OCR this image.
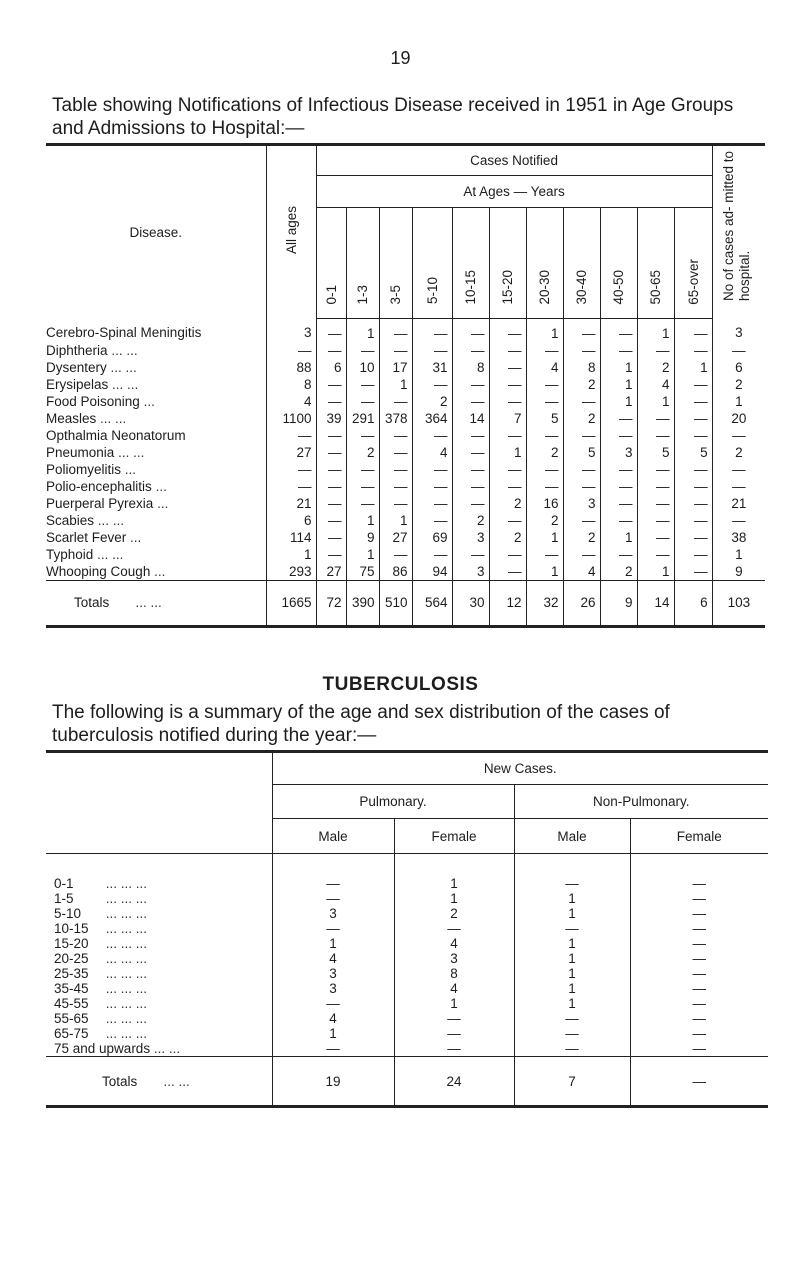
19
Table showing Notifications of Infectious Disease received in 1951 in Age Groups and Admissions to Hospital:—
Disease.	All ages	Cases Notified											No of cases ad- mitted to hospital.
		At Ages — Years											
		0-1	1-3	3-5	5-10	10-15	15-20	20-30	30-40	40-50	50-65	65-over	
Cerebro-Spinal Meningitis	3	—	1	—	—	—	—	1	—	—	1	—	3
Diphtheria ... ...	—	—	—	—	—	—	—	—	—	—	—	—	—
Dysentery ... ...	88	6	10	17	31	8	—	4	8	1	2	1	6
Erysipelas ... ...	8	—	—	1	—	—	—	—	2	1	4	—	2
Food Poisoning ...	4	—	—	—	2	—	—	—	—	1	1	—	1
Measles ... ...	1100	39	291	378	364	14	7	5	2	—	—	—	20
Opthalmia Neonatorum	—	—	—	—	—	—	—	—	—	—	—	—	—
Pneumonia ... ...	27	—	2	—	4	—	1	2	5	3	5	5	2
Poliomyelitis ...	—	—	—	—	—	—	—	—	—	—	—	—	—
Polio-encephalitis ...	—	—	—	—	—	—	—	—	—	—	—	—	—
Puerperal Pyrexia ...	21	—	—	—	—	—	2	16	3	—	—	—	21
Scabies ... ...	6	—	1	1	—	2	—	2	—	—	—	—	—
Scarlet Fever ...	114	—	9	27	69	3	2	1	2	1	—	—	38
Typhoid ... ...	1	—	1	—	—	—	—	—	—	—	—	—	1
Whooping Cough ...	293	27	75	86	94	3	—	1	4	2	1	—	9
Totals ... ...	1665	72	390	510	564	30	12	32	26	9	14	6	103
TUBERCULOSIS
The following is a summary of the age and sex distribution of the cases of tuberculosis notified during the year:—
	New Cases.			
	Pulmonary.		Non-Pulmonary.	
	Male	Female	Male	Female
0-1 ... ... ...	—	1	—	—
1-5 ... ... ...	—	1	1	—
5-10 ... ... ...	3	2	1	—
10-15 ... ... ...	—	—	—	—
15-20 ... ... ...	1	4	1	—
20-25 ... ... ...	4	3	1	—
25-35 ... ... ...	3	8	1	—
35-45 ... ... ...	3	4	1	—
45-55 ... ... ...	—	1	1	—
55-65 ... ... ...	4	—	—	—
65-75 ... ... ...	1	—	—	—
75 and upwards ... ...	—	—	—	—
Totals ... ...	19	24	7	—
